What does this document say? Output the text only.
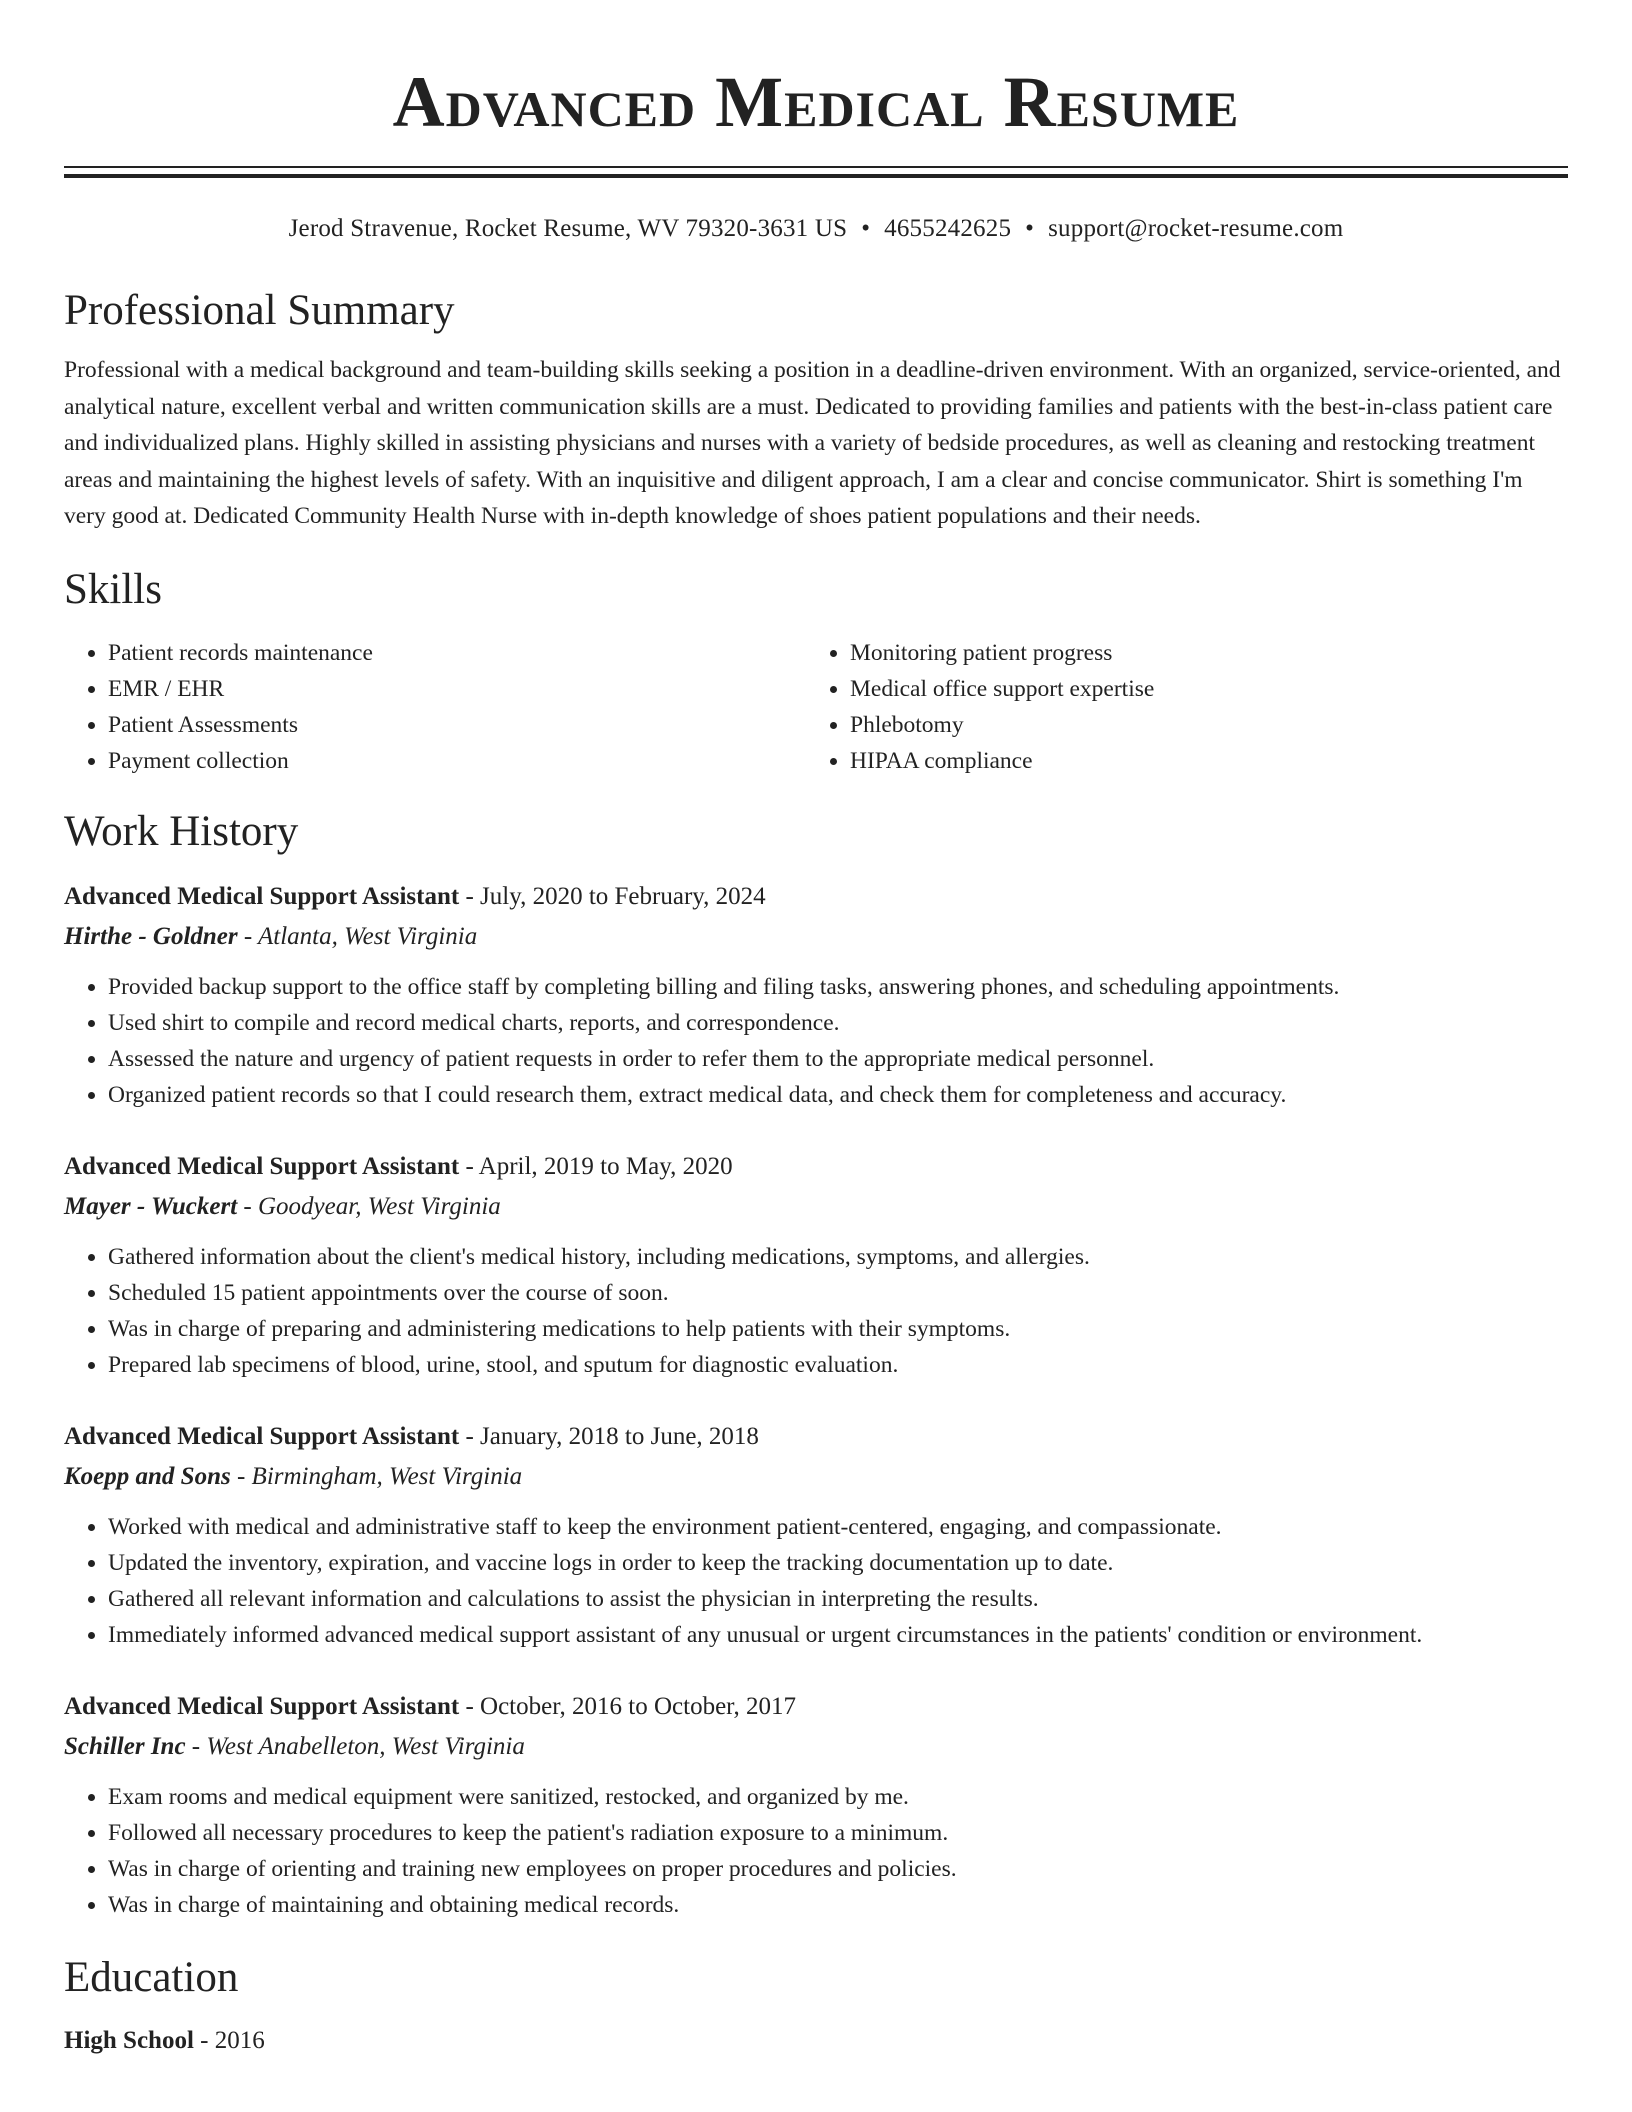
Advanced Medical Resume
Jerod Stravenue, Rocket Resume, WV 79320-3631 US • 4655242625 • support@rocket-resume.com
Professional Summary
Professional with a medical background and team-building skills seeking a position in a deadline-driven environment. With an organized, service-oriented, and analytical nature, excellent verbal and written communication skills are a must. Dedicated to providing families and patients with the best-in-class patient care and individualized plans. Highly skilled in assisting physicians and nurses with a variety of bedside procedures, as well as cleaning and restocking treatment areas and maintaining the highest levels of safety. With an inquisitive and diligent approach, I am a clear and concise communicator. Shirt is something I'm very good at. Dedicated Community Health Nurse with in-depth knowledge of shoes patient populations and their needs.
Skills
• Patient records maintenance
• EMR / EHR
• Patient Assessments
• Payment collection
• Monitoring patient progress
• Medical office support expertise
• Phlebotomy
• HIPAA compliance
Work History
Advanced Medical Support Assistant - July, 2020 to February, 2024
Hirthe - Goldner - Atlanta, West Virginia
• Provided backup support to the office staff by completing billing and filing tasks, answering phones, and scheduling appointments.
• Used shirt to compile and record medical charts, reports, and correspondence.
• Assessed the nature and urgency of patient requests in order to refer them to the appropriate medical personnel.
• Organized patient records so that I could research them, extract medical data, and check them for completeness and accuracy.
Advanced Medical Support Assistant - April, 2019 to May, 2020
Mayer - Wuckert - Goodyear, West Virginia
• Gathered information about the client's medical history, including medications, symptoms, and allergies.
• Scheduled 15 patient appointments over the course of soon.
• Was in charge of preparing and administering medications to help patients with their symptoms.
• Prepared lab specimens of blood, urine, stool, and sputum for diagnostic evaluation.
Advanced Medical Support Assistant - January, 2018 to June, 2018
Koepp and Sons - Birmingham, West Virginia
• Worked with medical and administrative staff to keep the environment patient-centered, engaging, and compassionate.
• Updated the inventory, expiration, and vaccine logs in order to keep the tracking documentation up to date.
• Gathered all relevant information and calculations to assist the physician in interpreting the results.
• Immediately informed advanced medical support assistant of any unusual or urgent circumstances in the patients' condition or environment.
Advanced Medical Support Assistant - October, 2016 to October, 2017
Schiller Inc - West Anabelleton, West Virginia
• Exam rooms and medical equipment were sanitized, restocked, and organized by me.
• Followed all necessary procedures to keep the patient's radiation exposure to a minimum.
• Was in charge of orienting and training new employees on proper procedures and policies.
• Was in charge of maintaining and obtaining medical records.
Education
High School - 2016
